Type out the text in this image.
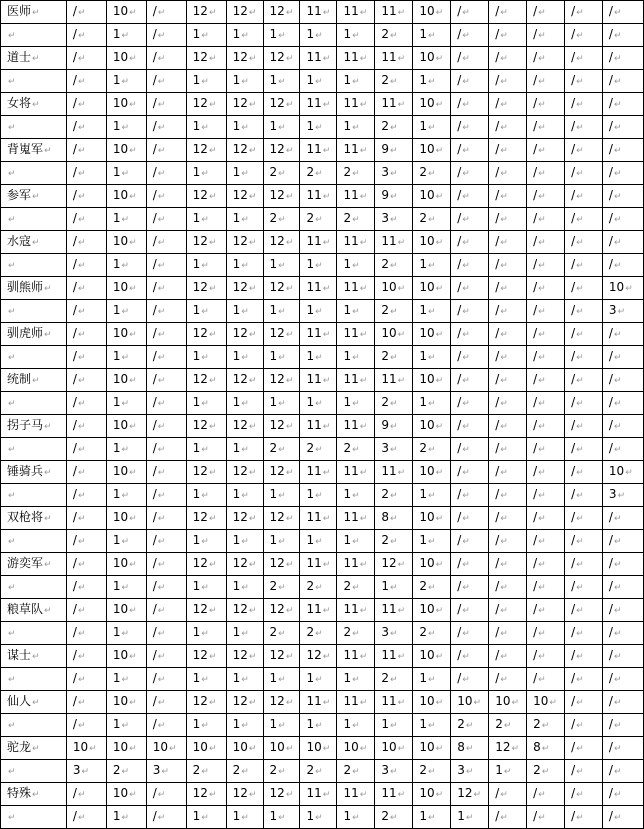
医师↵	/↵	10↵	/↵	12↵	12↵	12↵	11↵	11↵	11↵	10↵	/↵	/↵	/↵	/↵	/↵
↵	/↵	1↵	/↵	1↵	1↵	1↵	1↵	1↵	2↵	1↵	/↵	/↵	/↵	/↵	/↵
道士↵	/↵	10↵	/↵	12↵	12↵	12↵	11↵	11↵	11↵	10↵	/↵	/↵	/↵	/↵	/↵
↵	/↵	1↵	/↵	1↵	1↵	1↵	1↵	1↵	2↵	1↵	/↵	/↵	/↵	/↵	/↵
女将↵	/↵	10↵	/↵	12↵	12↵	12↵	11↵	11↵	11↵	10↵	/↵	/↵	/↵	/↵	/↵
↵	/↵	1↵	/↵	1↵	1↵	1↵	1↵	1↵	2↵	1↵	/↵	/↵	/↵	/↵	/↵
背嵬军↵	/↵	10↵	/↵	12↵	12↵	12↵	11↵	11↵	9↵	10↵	/↵	/↵	/↵	/↵	/↵
↵	/↵	1↵	/↵	1↵	1↵	2↵	2↵	2↵	3↵	2↵	/↵	/↵	/↵	/↵	/↵
参军↵	/↵	10↵	/↵	12↵	12↵	12↵	11↵	11↵	9↵	10↵	/↵	/↵	/↵	/↵	/↵
↵	/↵	1↵	/↵	1↵	1↵	2↵	2↵	2↵	3↵	2↵	/↵	/↵	/↵	/↵	/↵
水寇↵	/↵	10↵	/↵	12↵	12↵	12↵	11↵	11↵	11↵	10↵	/↵	/↵	/↵	/↵	/↵
↵	/↵	1↵	/↵	1↵	1↵	1↵	1↵	1↵	2↵	1↵	/↵	/↵	/↵	/↵	/↵
驯熊师↵	/↵	10↵	/↵	12↵	12↵	12↵	11↵	11↵	10↵	10↵	/↵	/↵	/↵	/↵	10↵
↵	/↵	1↵	/↵	1↵	1↵	1↵	1↵	1↵	2↵	1↵	/↵	/↵	/↵	/↵	3↵
驯虎师↵	/↵	10↵	/↵	12↵	12↵	12↵	11↵	11↵	10↵	10↵	/↵	/↵	/↵	/↵	/↵
↵	/↵	1↵	/↵	1↵	1↵	1↵	1↵	1↵	2↵	1↵	/↵	/↵	/↵	/↵	/↵
统制↵	/↵	10↵	/↵	12↵	12↵	12↵	11↵	11↵	11↵	10↵	/↵	/↵	/↵	/↵	/↵
↵	/↵	1↵	/↵	1↵	1↵	1↵	1↵	1↵	2↵	1↵	/↵	/↵	/↵	/↵	/↵
拐子马↵	/↵	10↵	/↵	12↵	12↵	12↵	11↵	11↵	9↵	10↵	/↵	/↵	/↵	/↵	/↵
↵	/↵	1↵	/↵	1↵	1↵	2↵	2↵	2↵	3↵	2↵	/↵	/↵	/↵	/↵	/↵
锤骑兵↵	/↵	10↵	/↵	12↵	12↵	12↵	11↵	11↵	11↵	10↵	/↵	/↵	/↵	/↵	10↵
↵	/↵	1↵	/↵	1↵	1↵	1↵	1↵	1↵	2↵	1↵	/↵	/↵	/↵	/↵	3↵
双枪将↵	/↵	10↵	/↵	12↵	12↵	12↵	11↵	11↵	8↵	10↵	/↵	/↵	/↵	/↵	/↵
↵	/↵	1↵	/↵	1↵	1↵	1↵	1↵	1↵	2↵	1↵	/↵	/↵	/↵	/↵	/↵
游奕军↵	/↵	10↵	/↵	12↵	12↵	12↵	11↵	11↵	12↵	10↵	/↵	/↵	/↵	/↵	/↵
↵	/↵	1↵	/↵	1↵	1↵	2↵	2↵	2↵	1↵	2↵	/↵	/↵	/↵	/↵	/↵
粮草队↵	/↵	10↵	/↵	12↵	12↵	12↵	11↵	11↵	11↵	10↵	/↵	/↵	/↵	/↵	/↵
↵	/↵	1↵	/↵	1↵	1↵	2↵	2↵	2↵	3↵	2↵	/↵	/↵	/↵	/↵	/↵
谋士↵	/↵	10↵	/↵	12↵	12↵	12↵	12↵	11↵	11↵	10↵	/↵	/↵	/↵	/↵	/↵
↵	/↵	1↵	/↵	1↵	1↵	1↵	1↵	1↵	2↵	1↵	/↵	/↵	/↵	/↵	/↵
仙人↵	/↵	10↵	/↵	12↵	12↵	12↵	11↵	11↵	11↵	10↵	10↵	10↵	10↵	/↵	/↵
↵	/↵	1↵	/↵	1↵	1↵	1↵	1↵	1↵	1↵	1↵	2↵	2↵	2↵	/↵	/↵
驼龙↵	10↵	10↵	10↵	10↵	10↵	10↵	10↵	10↵	10↵	10↵	8↵	12↵	8↵	/↵	/↵
↵	3↵	2↵	3↵	2↵	2↵	2↵	2↵	2↵	3↵	2↵	3↵	1↵	2↵	/↵	/↵
特殊↵	/↵	10↵	/↵	12↵	12↵	12↵	11↵	11↵	11↵	10↵	12↵	/↵	/↵	/↵	/↵
↵	/↵	1↵	/↵	1↵	1↵	1↵	1↵	1↵	2↵	1↵	1↵	/↵	/↵	/↵	/↵
